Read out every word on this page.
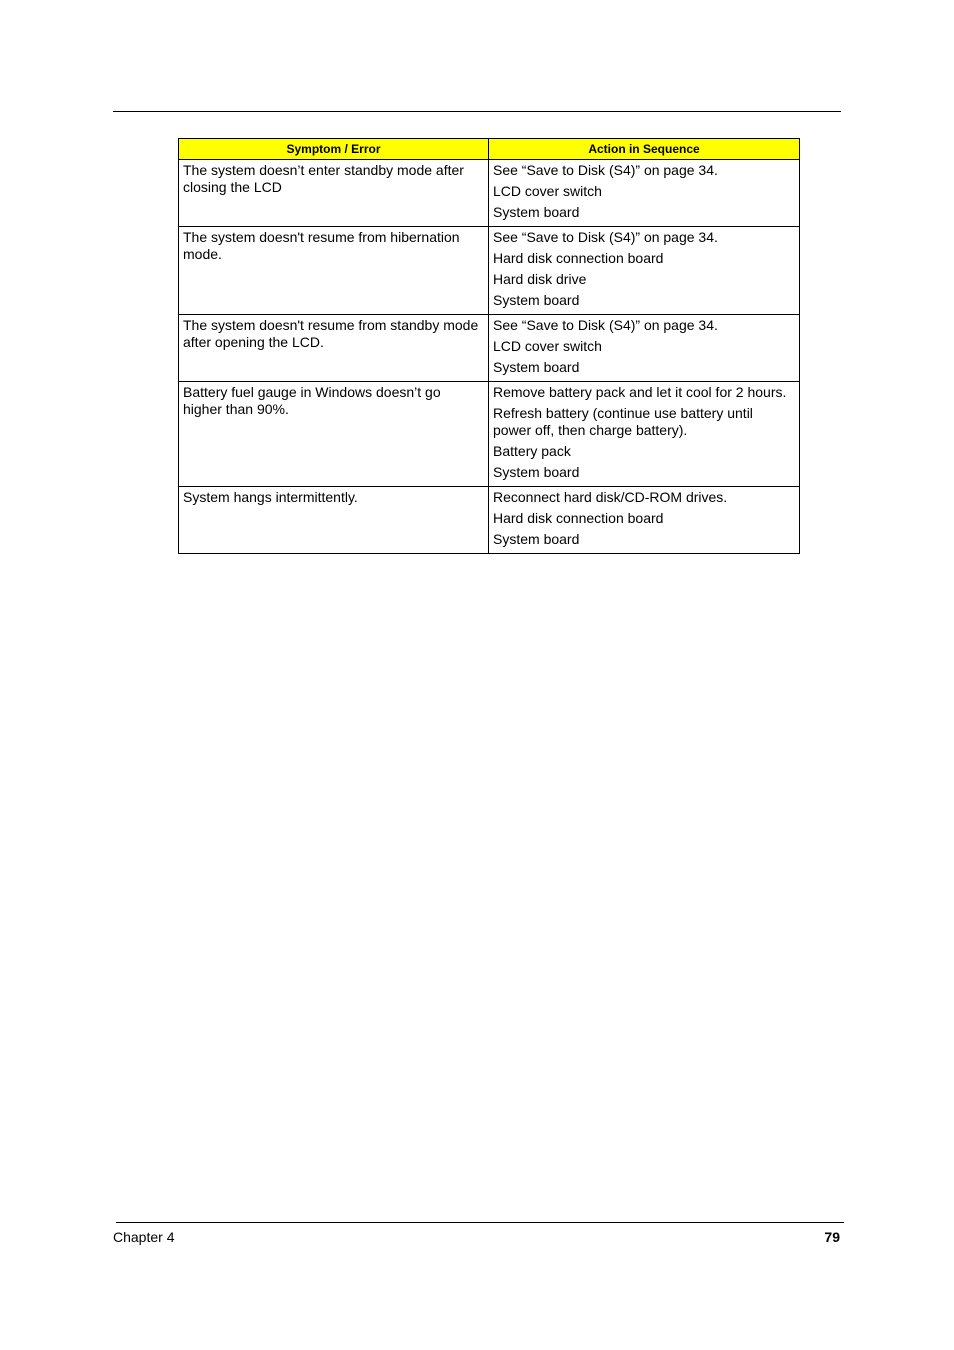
Symptom / Error	Action in Sequence

The system doesn’t enter standby mode after closing the LCD	See “Save to Disk (S4)” on page 34.

LCD cover switch

System board

The system doesn't resume from hibernation mode.	See “Save to Disk (S4)” on page 34.

Hard disk connection board

Hard disk drive

System board

The system doesn't resume from standby mode after opening the LCD.	See “Save to Disk (S4)” on page 34.

LCD cover switch

System board

Battery fuel gauge in Windows doesn’t go higher than 90%.	Remove battery pack and let it cool for 2 hours.

Refresh battery (continue use battery until power off, then charge battery).

Battery pack

System board

System hangs intermittently.	Reconnect hard disk/CD-ROM drives.

Hard disk connection board

System board

Chapter 4	79
